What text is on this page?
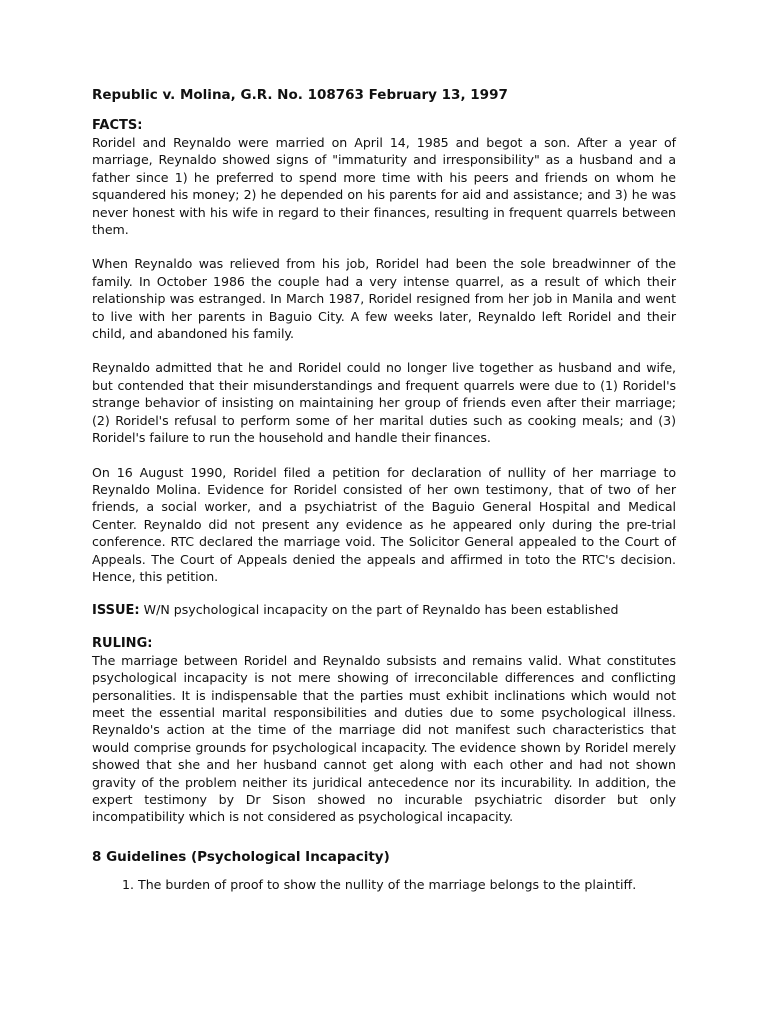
Republic v. Molina, G.R. No. 108763 February 13, 1997
FACTS:

Roridel and Reynaldo were married on April 14, 1985 and begot a son. After a year of marriage, Reynaldo showed signs of "immaturity and irresponsibility" as a husband and a father since 1) he preferred to spend more time with his peers and friends on whom he squandered his money; 2) he depended on his parents for aid and assistance; and 3) he was never honest with his wife in regard to their finances, resulting in frequent quarrels between them.

When Reynaldo was relieved from his job, Roridel had been the sole breadwinner of the family. In October 1986 the couple had a very intense quarrel, as a result of which their relationship was estranged. In March 1987, Roridel resigned from her job in Manila and went to live with her parents in Baguio City. A few weeks later, Reynaldo left Roridel and their child, and abandoned his family.

Reynaldo admitted that he and Roridel could no longer live together as husband and wife, but contended that their misunderstandings and frequent quarrels were due to (1) Roridel's strange behavior of insisting on maintaining her group of friends even after their marriage; (2) Roridel's refusal to perform some of her marital duties such as cooking meals; and (3) Roridel's failure to run the household and handle their finances.

On 16 August 1990, Roridel filed a petition for declaration of nullity of her marriage to Reynaldo Molina. Evidence for Roridel consisted of her own testimony, that of two of her friends, a social worker, and a psychiatrist of the Baguio General Hospital and Medical Center. Reynaldo did not present any evidence as he appeared only during the pre-trial conference. RTC declared the marriage void. The Solicitor General appealed to the Court of Appeals. The Court of Appeals denied the appeals and affirmed in toto the RTC's decision. Hence, this petition.

ISSUE: W/N psychological incapacity on the part of Reynaldo has been established
RULING:

The marriage between Roridel and Reynaldo subsists and remains valid. What constitutes psychological incapacity is not mere showing of irreconcilable differences and conflicting personalities. It is indispensable that the parties must exhibit inclinations which would not meet the essential marital responsibilities and duties due to some psychological illness. Reynaldo's action at the time of the marriage did not manifest such characteristics that would comprise grounds for psychological incapacity. The evidence shown by Roridel merely showed that she and her husband cannot get along with each other and had not shown gravity of the problem neither its juridical antecedence nor its incurability. In addition, the expert testimony by Dr Sison showed no incurable psychiatric disorder but only incompatibility which is not considered as psychological incapacity.

8 Guidelines (Psychological Incapacity)
1. The burden of proof to show the nullity of the marriage belongs to the plaintiff.
